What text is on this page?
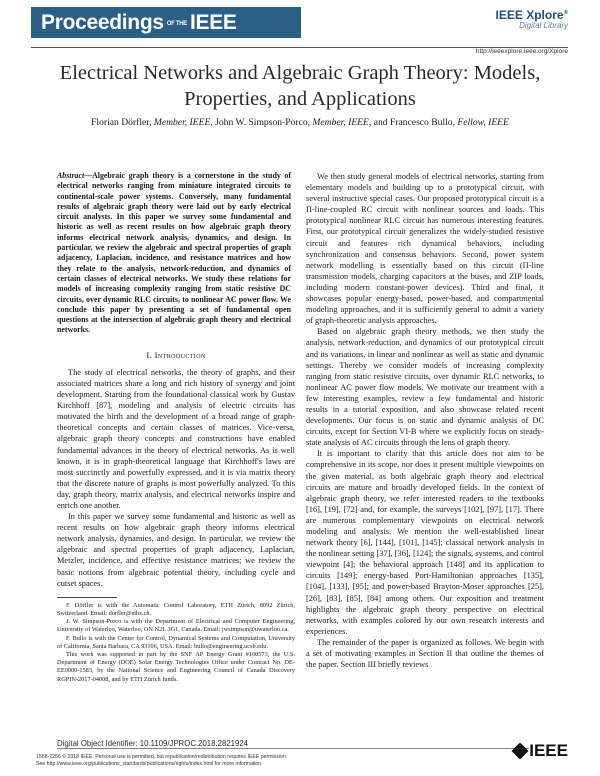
Proceedings OF THE IEEE	IEEE Xplore®
Digital Library
http://ieeexplore.ieee.org/Xplore
Electrical Networks and Algebraic Graph Theory: Models, Properties, and Applications
Florian Dörfler, Member, IEEE, John W. Simpson-Porco, Member, IEEE, and Francesco Bullo, Fellow, IEEE

Abstract—Algebraic graph theory is a cornerstone in the study of electrical networks ranging from miniature integrated circuits to continental-scale power systems. Conversely, many fundamental results of algebraic graph theory were laid out by early electrical circuit analysts. In this paper we survey some fundamental and historic as well as recent results on how algebraic graph theory informs electrical network analysis, dynamics, and design. In particular, we review the algebraic and spectral properties of graph adjacency, Laplacian, incidence, and resistance matrices and how they relate to the analysis, network-reduction, and dynamics of certain classes of electrical networks. We study these relations for models of increasing complexity ranging from static resistive DC circuits, over dynamic RLC circuits, to nonlinear AC power flow. We conclude this paper by presenting a set of fundamental open questions at the intersection of algebraic graph theory and electrical networks.

I. Introduction

The study of electrical networks, the theory of graphs, and their associated matrices share a long and rich history of synergy and joint development. Starting from the foundational classical work by Gustav Kirchhoff [87], modeling and analysis of electric circuits has motivated the birth and the development of a broad range of graph-theoretical concepts and certain classes of matrices. Vice-versa, algebraic graph theory concepts and constructions have enabled fundamental advances in the theory of electrical networks. As is well known, it is in graph-theoretical language that Kirchhoff's laws are most succinctly and powerfully expressed, and it is via matrix theory that the discrete nature of graphs is most powerfully analyzed. To this day, graph theory, matrix analysis, and electrical networks inspire and enrich one another.

In this paper we survey some fundamental and historic as well as recent results on how algebraic graph theory informs electrical network analysis, dynamics, and design. In particular, we review the algebraic and spectral properties of graph adjacency, Laplacian, Metzler, incidence, and effective resistance matrices; we review the basic notions from algebraic potential theory, including cycle and cutset spaces.

F. Dörfler is with the Automatic Control Laboratory, ETH Zürich, 8092 Zürich, Switzerland. Email: dorfler@ethz.ch.

J. W. Simpson-Porco is with the Department of Electrical and Computer Engineering, University of Waterloo, Waterloo, ON N2L 3G1, Canada. Email: jwsimpson@uwaterloo.ca.

F. Bullo is with the Center for Control, Dynamical Systems and Computation, University of California, Santa Barbara, CA 93106, USA. Email: bullo@engineering.ucsb.edu.

This work was supported in part by the SNF AP Energy Grant #160573, the U.S. Department of Energy (DOE) Solar Energy Technologies Office under Contract No. DE-EE0000-1583, by the National Science and Engineering Council of Canada Discovery RGPIN-2017-04008, and by ETH Zürich funds.

We then study general models of electrical networks, starting from elementary models and building up to a prototypical circuit, with several instructive special cases. Our proposed prototypical circuit is a Π-line-coupled RC circuit with nonlinear sources and loads. This prototypical nonlinear RLC circuit has numerous interesting features. First, our prototypical circuit generalizes the widely-studied resistive circuit and features rich dynamical behaviors, including synchronization and consensus behaviors. Second, power system network modelling is essentially based on this circuit (Π-line transmission models, charging capacitors at the buses, and ZIP loads, including modern constant-power devices). Third and final, it showcases popular energy-based, power-based, and compartmental modeling approaches, and it is sufficiently general to admit a variety of graph-theoretic analysis approaches.

Based on algebraic graph theory methods, we then study the analysis, network-reduction, and dynamics of our prototypical circuit and its variations, in linear and nonlinear as well as static and dynamic settings. Thereby we consider models of increasing complexity ranging from static resistive circuits, over dynamic RLC networks, to nonlinear AC power flow models. We motivate our treatment with a few interesting examples, review a few fundamental and historic results in a tutorial exposition, and also showcase related recent developments. Our focus is on static and dynamic analysis of DC circuits, except for Section VI-B where we explicitly focus on steady-state analysis of AC circuits through the lens of graph theory.

It is important to clarify that this article does not aim to be comprehensive in its scope, nor does it present multiple viewpoints on the given material, as both algebraic graph theory and electrical circuits are mature and broadly developed fields. In the context of algebraic graph theory, we refer interested readers to the textbooks [16], [19], [72] and, for example, the surveys [102], [97], [17]. There are numerous complementary viewpoints on electrical network modeling and analysis. We mention the well-established linear network theory [6], [144], [101], [145]; classical network analysis in the nonlinear setting [37], [36], [124]; the signals, systems, and control viewpoint [4]; the behavioral approach [148] and its application to circuits [149]; energy-based Port-Hamiltonian approaches [135], [104], [133], [95]; and power-based Brayton-Moser approaches [25], [26], [83], [85], [84] among others. Our exposition and treatment highlights the algebraic graph theory perspective on electrical networks, with examples colored by our own research interests and experiences.

The remainder of the paper is organized as follows. We begin with a set of motivating examples in Section II that outline the themes of the paper. Section III briefly reviews

Digital Object Identifier: 10.1109/JPROC.2018.2821924
1558-2256 © 2018 IEEE. Personal use is permitted, but republication/redistribution requires IEEE permission.
See http://www.ieee.org/publications_standards/publications/rights/index.html for more information.
IEEE
